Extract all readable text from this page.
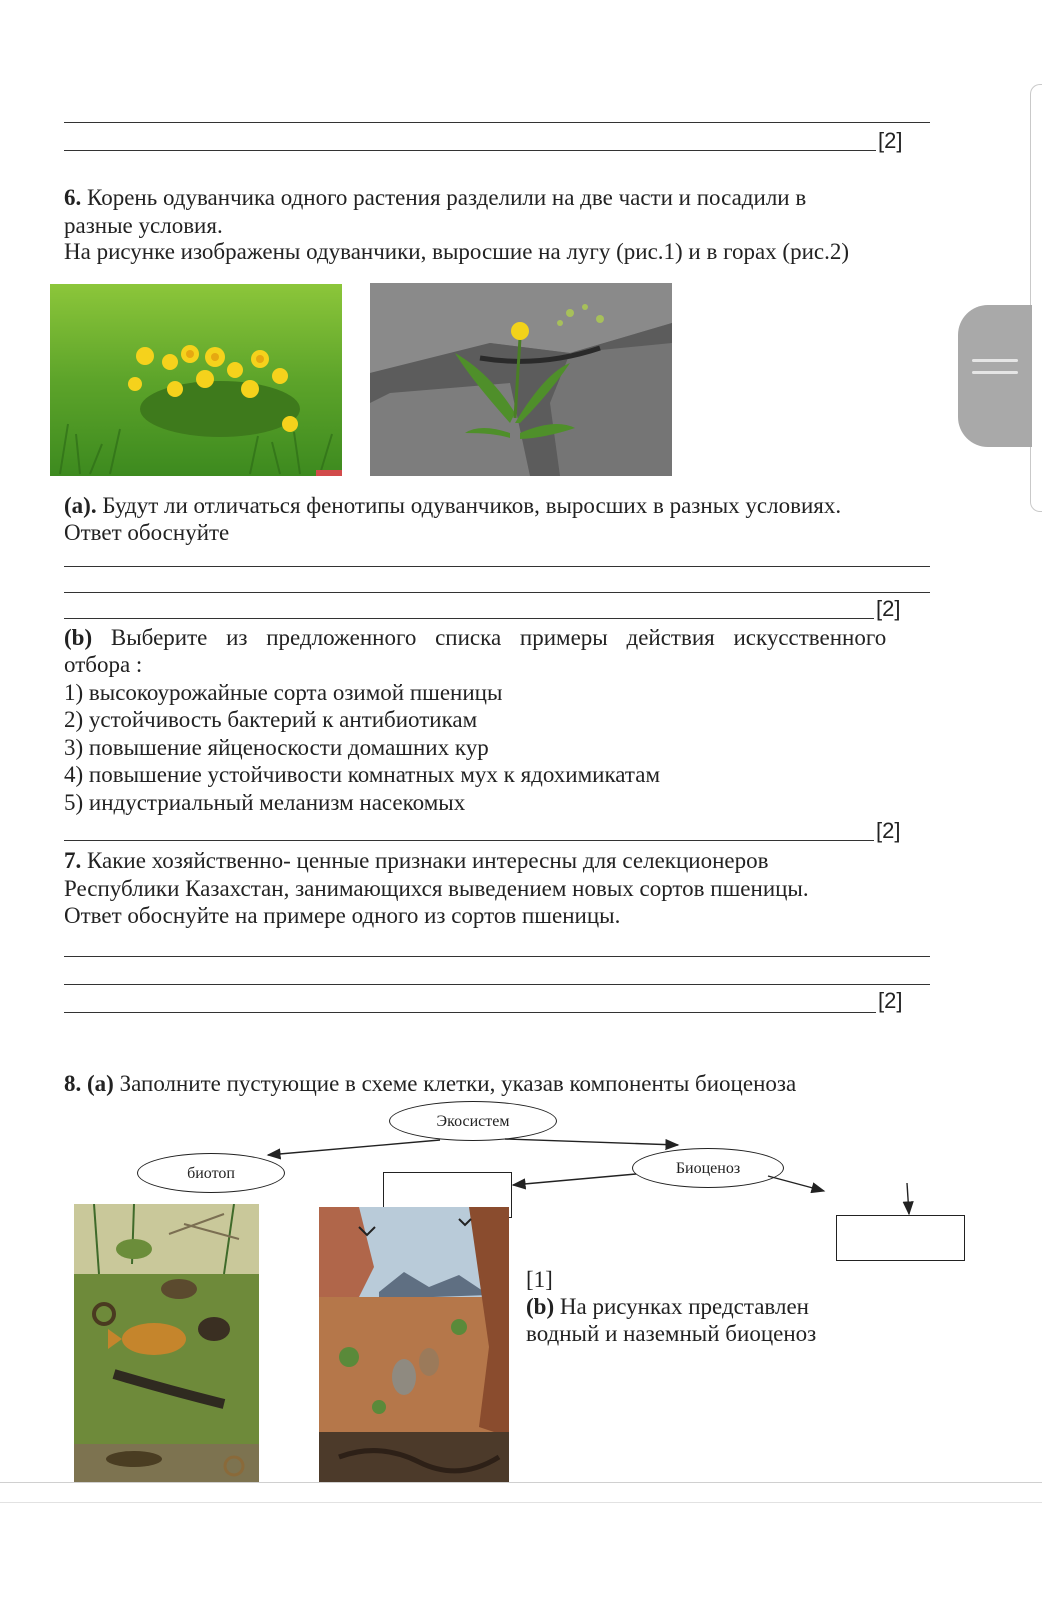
[2]
6. Корень одуванчика одного растения разделили на две части и посадили в
разные условия.
На рисунке изображены одуванчики, выросшие на лугу (рис.1) и в горах (рис.2)
(a). Будут ли отличаться фенотипы одуванчиков, выросших в разных условиях.
Ответ обоснуйте
[2]
(b) Выберите из предложенного списка примеры действия искусственного
отбора :
1) высокоурожайные сорта озимой пшеницы
2) устойчивость бактерий к антибиотикам
3) повышение яйценоскости домашних кур
4) повышение устойчивости комнатных мух к ядохимикатам
5) индустриальный меланизм насекомых
[2]
7. Какие хозяйственно- ценные признаки интересны для селекционеров
Республики Казахстан, занимающихся выведением новых сортов пшеницы.
Ответ обоснуйте на примере одного из сортов пшеницы.
[2]
8. (a) Заполните пустующие в схеме клетки, указав компоненты биоценоза
Экосистем
биотоп	Биоценоз
[1]
(b) На рисунках представлен
водный и наземный биоценоз
